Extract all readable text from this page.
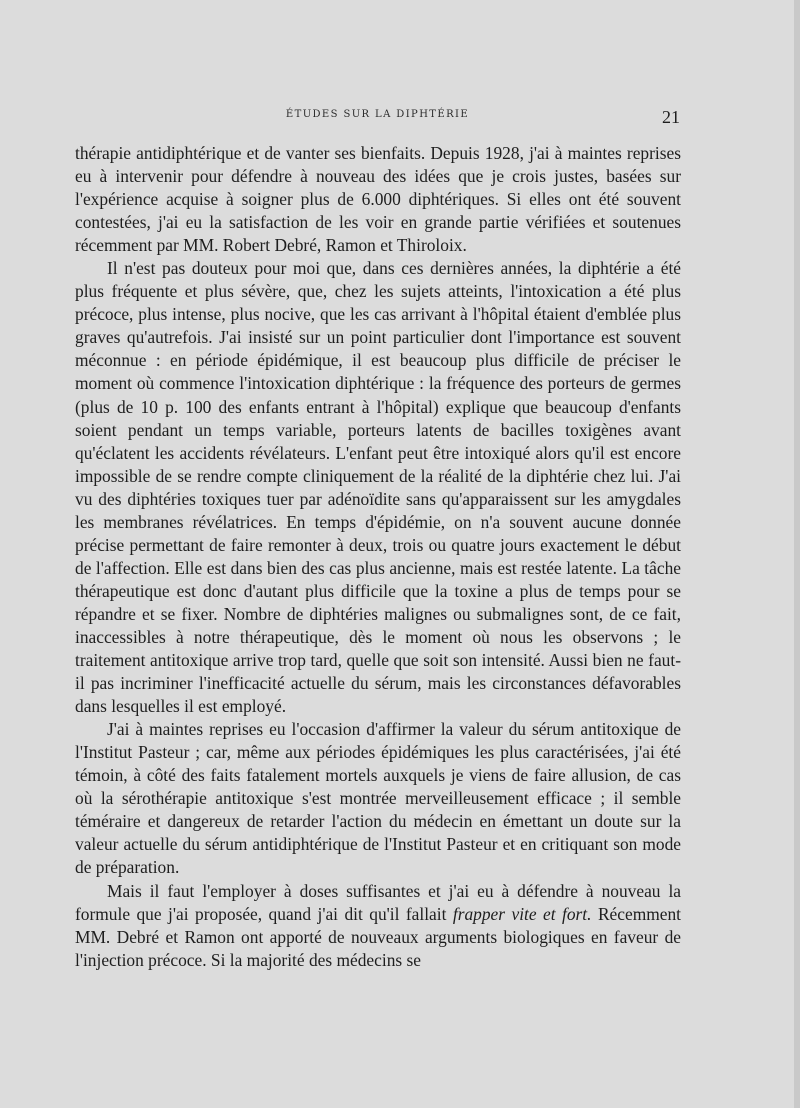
ÉTUDES SUR LA DIPHTÉRIE	21

thérapie antidiphtérique et de vanter ses bienfaits. Depuis 1928, j'ai à maintes reprises eu à intervenir pour défendre à nouveau des idées que je crois justes, basées sur l'expérience acquise à soigner plus de 6.000 diphtériques. Si elles ont été souvent contestées, j'ai eu la satisfaction de les voir en grande partie vérifiées et soutenues récemment par MM. Robert Debré, Ramon et Thiroloix.

Il n'est pas douteux pour moi que, dans ces dernières années, la diphtérie a été plus fréquente et plus sévère, que, chez les sujets atteints, l'intoxication a été plus précoce, plus intense, plus nocive, que les cas arrivant à l'hôpital étaient d'emblée plus graves qu'autrefois. J'ai insisté sur un point particulier dont l'importance est souvent méconnue : en période épidémique, il est beaucoup plus difficile de préciser le moment où commence l'intoxication diphtérique : la fréquence des porteurs de germes (plus de 10 p. 100 des enfants entrant à l'hôpital) explique que beaucoup d'enfants soient pendant un temps variable, porteurs latents de bacilles toxigènes avant qu'éclatent les accidents révélateurs. L'enfant peut être intoxiqué alors qu'il est encore impossible de se rendre compte cliniquement de la réalité de la diphtérie chez lui. J'ai vu des diphtéries toxiques tuer par adénoïdite sans qu'apparaissent sur les amygdales les membranes révélatrices. En temps d'épidémie, on n'a souvent aucune donnée précise permettant de faire remonter à deux, trois ou quatre jours exactement le début de l'affection. Elle est dans bien des cas plus ancienne, mais est restée latente. La tâche thérapeutique est donc d'autant plus difficile que la toxine a plus de temps pour se répandre et se fixer. Nombre de diphtéries malignes ou submalignes sont, de ce fait, inaccessibles à notre thérapeutique, dès le moment où nous les observons ; le traitement antitoxique arrive trop tard, quelle que soit son intensité. Aussi bien ne faut-il pas incriminer l'inefficacité actuelle du sérum, mais les circonstances défavorables dans lesquelles il est employé.

J'ai à maintes reprises eu l'occasion d'affirmer la valeur du sérum antitoxique de l'Institut Pasteur ; car, même aux périodes épidémiques les plus caractérisées, j'ai été témoin, à côté des faits fatalement mortels auxquels je viens de faire allusion, de cas où la sérothérapie antitoxique s'est montrée merveilleusement efficace ; il semble téméraire et dangereux de retarder l'action du médecin en émettant un doute sur la valeur actuelle du sérum antidiphtérique de l'Institut Pasteur et en critiquant son mode de préparation.

Mais il faut l'employer à doses suffisantes et j'ai eu à défendre à nouveau la formule que j'ai proposée, quand j'ai dit qu'il fallait frapper vite et fort. Récemment MM. Debré et Ramon ont apporté de nouveaux arguments biologiques en faveur de l'injection précoce. Si la majorité des médecins se
